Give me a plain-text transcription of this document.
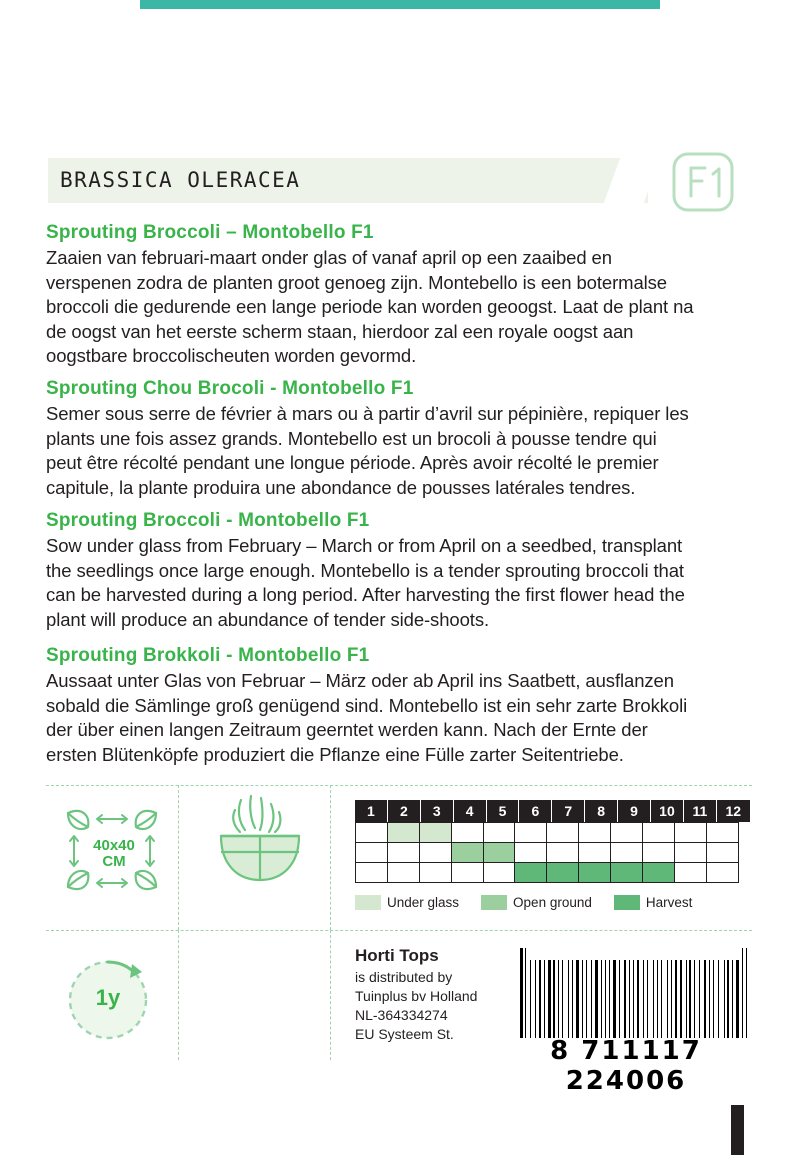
BRASSICA OLERACEA
Sprouting Broccoli – Montobello F1
Zaaien van februari-maart onder glas of vanaf april op een zaaibed en verspenen zodra de planten groot genoeg zijn. Montebello is een botermalse broccoli die gedurende een lange periode kan worden geoogst. Laat de plant na de oogst van het eerste scherm staan, hierdoor zal een royale oogst aan oogstbare broccolischeuten worden gevormd.
Sprouting Chou Brocoli - Montobello F1
Semer sous serre de février à mars ou à partir d’avril sur pépinière, repiquer les plants une fois assez grands. Montebello est un brocoli à pousse tendre qui peut être récolté pendant une longue période. Après avoir récolté le premier capitule, la plante produira une abondance de pousses latérales tendres.
Sprouting Broccoli - Montobello F1
Sow under glass from February – March or from April on a seedbed, transplant the seedlings once large enough. Montebello is a tender sprouting broccoli that can be harvested during a long period. After harvesting the first flower head the plant will produce an abundance of tender side-shoots.
Sprouting Brokkoli - Montobello F1
Aussaat unter Glas von Februar – März oder ab April ins Saatbett, ausflanzen sobald die Sämlinge groß genügend sind. Montebello ist ein sehr zarte Brokkoli der über einen langen Zeitraum geerntet werden kann. Nach der Ernte der ersten Blütenköpfe produziert die Pflanze eine Fülle zarter Seitentriebe.
40x40
CM
1y
1	2	3	4	5	6	7	8	9	10	11	12
Under glass	Open ground	Harvest
Horti Tops
is distributed by
Tuinplus bv Holland
NL-364334274
EU Systeem St.
8 711117 224006
